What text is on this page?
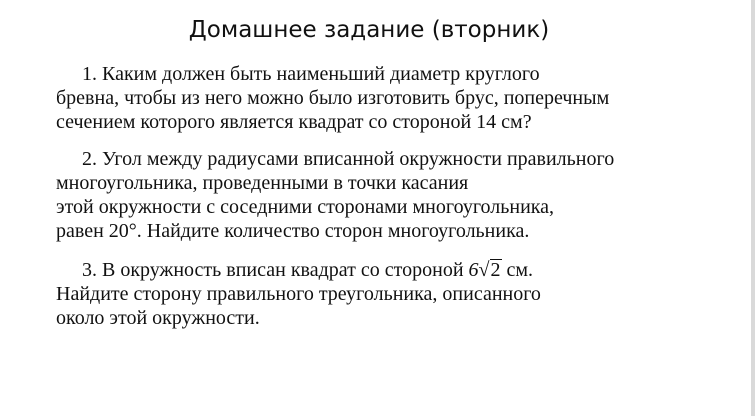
Домашнее задание (вторник)
1. Каким должен быть наименьший диаметр круглого
бревна, чтобы из него можно было изготовить брус, поперечным
сечением которого является квадрат со стороной 14 см?
2. Угол между радиусами вписанной окружности правильного
многоугольника, проведенными в точки касания
этой окружности с соседними сторонами многоугольника,
равен 20°. Найдите количество сторон многоугольника.
3. В окружность вписан квадрат со стороной 6√2 см.
Найдите сторону правильного треугольника, описанного
около этой окружности.
